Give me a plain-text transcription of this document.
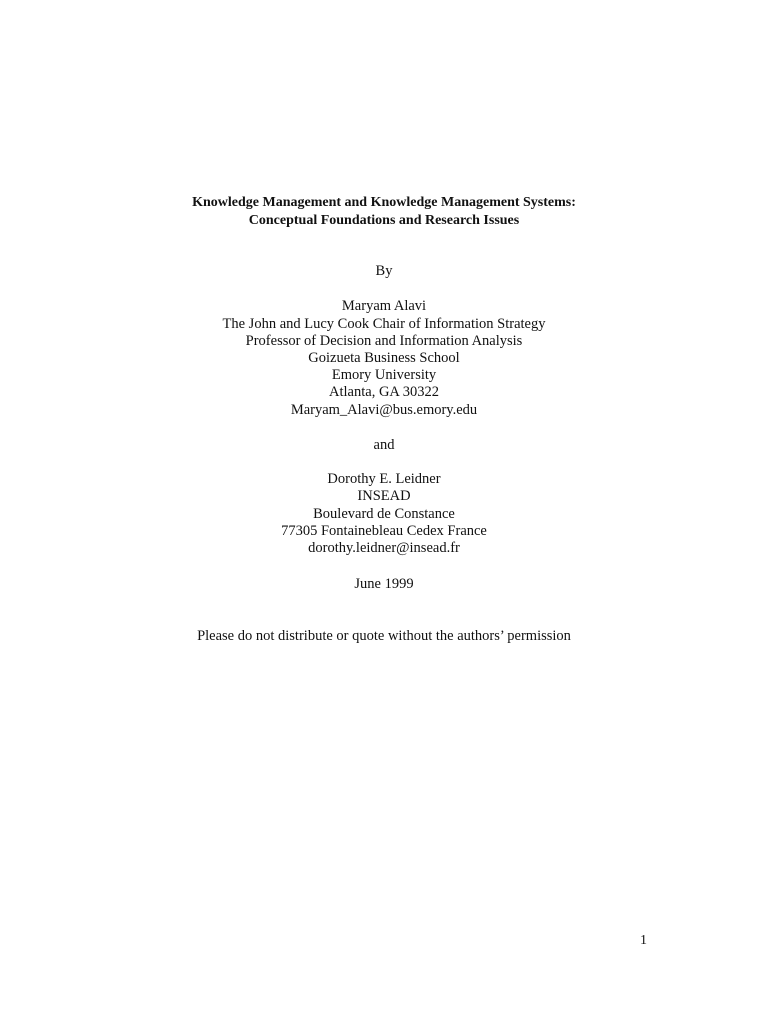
Knowledge Management and Knowledge Management Systems:
Conceptual Foundations and Research Issues
By
Maryam Alavi
The John and Lucy Cook Chair of Information Strategy
Professor of Decision and Information Analysis
Goizueta Business School
Emory University
Atlanta, GA 30322
Maryam_Alavi@bus.emory.edu
and
Dorothy E. Leidner
INSEAD
Boulevard de Constance
77305 Fontainebleau Cedex France
dorothy.leidner@insead.fr
June 1999
Please do not distribute or quote without the authors’ permission
1
